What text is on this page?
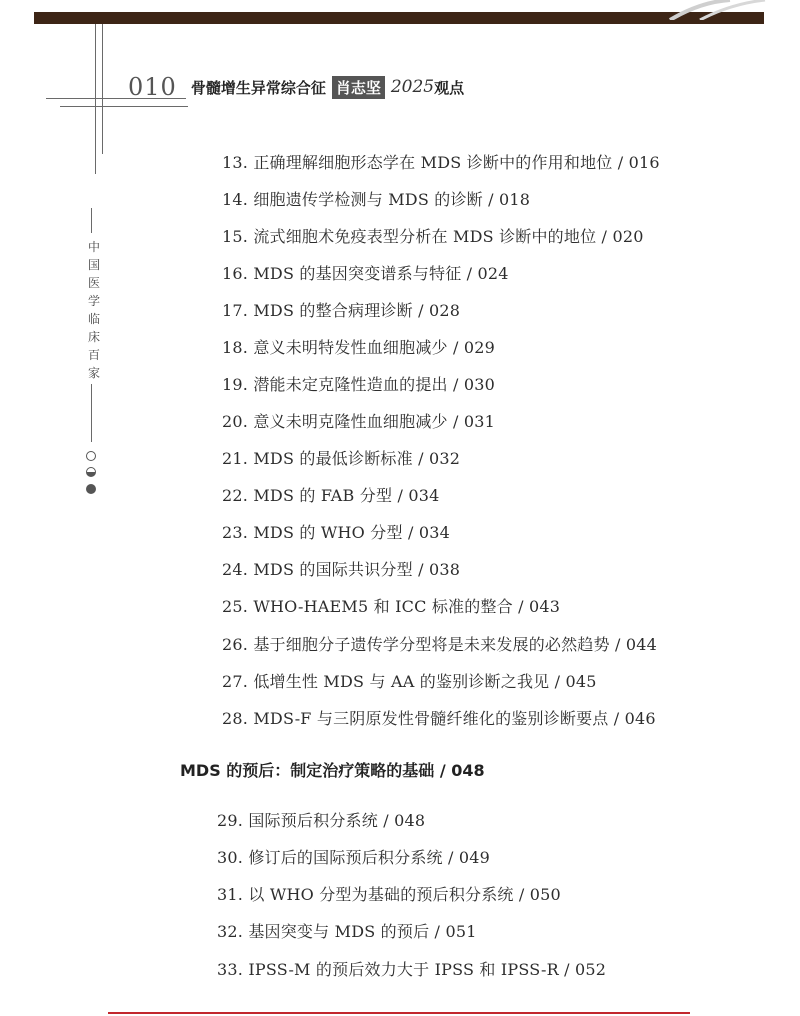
010 骨髓增生异常综合征 肖志坚 2025 观点
中
国
医
学
临
床
百
家
13. 正确理解细胞形态学在 MDS 诊断中的作用和地位 / 016
14. 细胞遗传学检测与 MDS 的诊断 / 018
15. 流式细胞术免疫表型分析在 MDS 诊断中的地位 / 020
16. MDS 的基因突变谱系与特征 / 024
17. MDS 的整合病理诊断 / 028
18. 意义未明特发性血细胞减少 / 029
19. 潜能未定克隆性造血的提出 / 030
20. 意义未明克隆性血细胞减少 / 031
21. MDS 的最低诊断标准 / 032
22. MDS 的 FAB 分型 / 034
23. MDS 的 WHO 分型 / 034
24. MDS 的国际共识分型 / 038
25. WHO-HAEM5 和 ICC 标准的整合 / 043
26. 基于细胞分子遗传学分型将是未来发展的必然趋势 / 044
27. 低增生性 MDS 与 AA 的鉴别诊断之我见 / 045
28. MDS-F 与三阴原发性骨髓纤维化的鉴别诊断要点 / 046
MDS 的预后：制定治疗策略的基础 / 048
29. 国际预后积分系统 / 048
30. 修订后的国际预后积分系统 / 049
31. 以 WHO 分型为基础的预后积分系统 / 050
32. 基因突变与 MDS 的预后 / 051
33. IPSS-M 的预后效力大于 IPSS 和 IPSS-R / 052
